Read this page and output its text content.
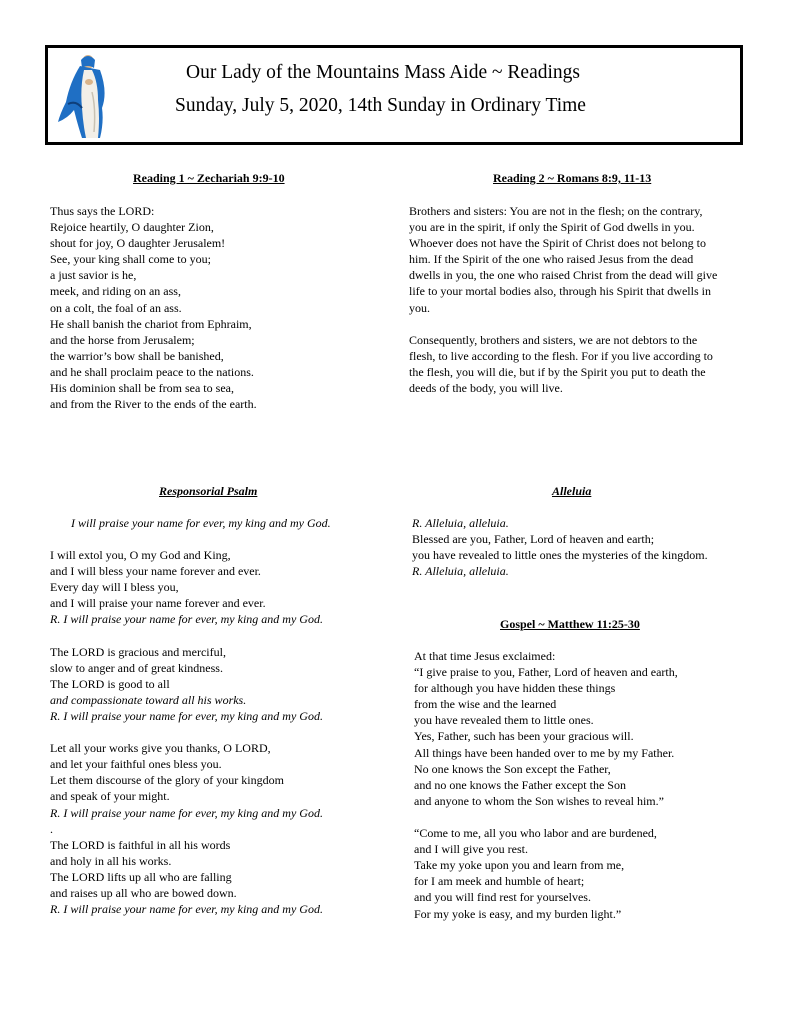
Our Lady of the Mountains Mass Aide ~ Readings
Sunday, July 5, 2020, 14th Sunday in Ordinary Time
Reading 1 ~ Zechariah 9:9-10
Thus says the LORD:
Rejoice heartily, O daughter Zion,
shout for joy, O daughter Jerusalem!
See, your king shall come to you;
a just savior is he,
meek, and riding on an ass,
on a colt, the foal of an ass.
He shall banish the chariot from Ephraim,
and the horse from Jerusalem;
the warrior’s bow shall be banished,
and he shall proclaim peace to the nations.
His dominion shall be from sea to sea,
and from the River to the ends of the earth.
Reading 2 ~ Romans 8:9, 11-13
Brothers and sisters: You are not in the flesh; on the contrary,
you are in the spirit, if only the Spirit of God dwells in you.
Whoever does not have the Spirit of Christ does not belong to
him. If the Spirit of the one who raised Jesus from the dead
dwells in you, the one who raised Christ from the dead will give
life to your mortal bodies also, through his Spirit that dwells in
you.
Consequently, brothers and sisters, we are not debtors to the
flesh, to live according to the flesh. For if you live according to
the flesh, you will die, but if by the Spirit you put to death the
deeds of the body, you will live.
Responsorial Psalm
I will praise your name for ever, my king and my God.
I will extol you, O my God and King,
and I will bless your name forever and ever.
Every day will I bless you,
and I will praise your name forever and ever.
R. I will praise your name for ever, my king and my God.
The LORD is gracious and merciful,
slow to anger and of great kindness.
The LORD is good to all
and compassionate toward all his works.
R. I will praise your name for ever, my king and my God.
Let all your works give you thanks, O LORD,
and let your faithful ones bless you.
Let them discourse of the glory of your kingdom
and speak of your might.
R. I will praise your name for ever, my king and my God.
.
The LORD is faithful in all his words
and holy in all his works.
The LORD lifts up all who are falling
and raises up all who are bowed down.
R. I will praise your name for ever, my king and my God.
Alleluia
R. Alleluia, alleluia.
Blessed are you, Father, Lord of heaven and earth;
you have revealed to little ones the mysteries of the kingdom.
R. Alleluia, alleluia.
Gospel ~ Matthew 11:25-30
At that time Jesus exclaimed:
“I give praise to you, Father, Lord of heaven and earth,
for although you have hidden these things
from the wise and the learned
you have revealed them to little ones.
Yes, Father, such has been your gracious will.
All things have been handed over to me by my Father.
No one knows the Son except the Father,
and no one knows the Father except the Son
and anyone to whom the Son wishes to reveal him.”
“Come to me, all you who labor and are burdened,
and I will give you rest.
Take my yoke upon you and learn from me,
for I am meek and humble of heart;
and you will find rest for yourselves.
For my yoke is easy, and my burden light.”
